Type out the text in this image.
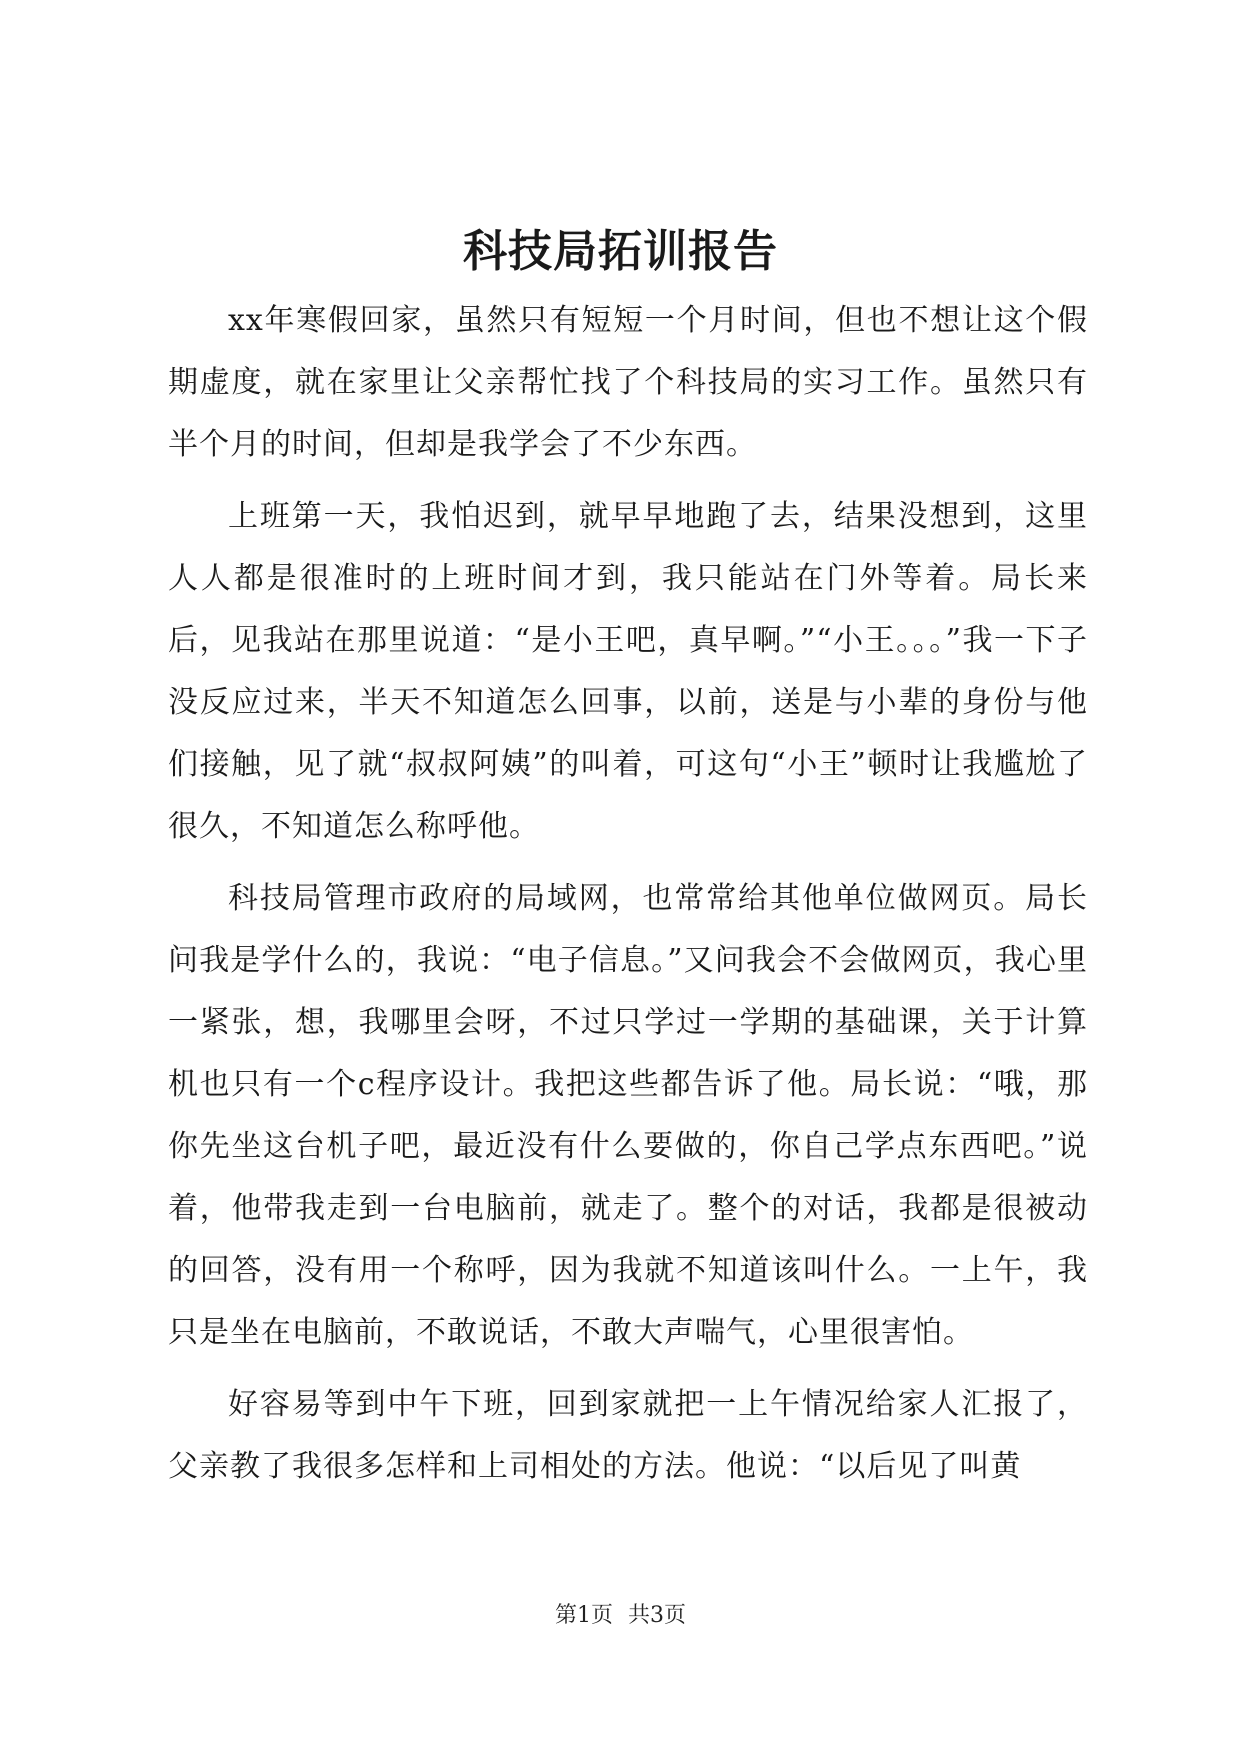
科技局拓训报告

xx年寒假回家，虽然只有短短一个月时间，但也不想让这个假期虚度，就在家里让父亲帮忙找了个科技局的实习工作。虽然只有半个月的时间，但却是我学会了不少东西。

上班第一天，我怕迟到，就早早地跑了去，结果没想到，这里人人都是很准时的上班时间才到，我只能站在门外等着。局长来后，见我站在那里说道：“是小王吧，真早啊。”“小王。。。”我一下子没反应过来，半天不知道怎么回事，以前，送是与小辈的身份与他们接触，见了就“叔叔阿姨”的叫着，可这句“小王”顿时让我尴尬了很久，不知道怎么称呼他。

科技局管理市政府的局域网，也常常给其他单位做网页。局长问我是学什么的，我说：“电子信息。”又问我会不会做网页，我心里一紧张，想，我哪里会呀，不过只学过一学期的基础课，关于计算机也只有一个c程序设计。我把这些都告诉了他。局长说：“哦，那你先坐这台机子吧，最近没有什么要做的，你自己学点东西吧。”说着，他带我走到一台电脑前，就走了。整个的对话，我都是很被动的回答，没有用一个称呼，因为我就不知道该叫什么。一上午，我只是坐在电脑前，不敢说话，不敢大声喘气，心里很害怕。

好容易等到中午下班，回到家就把一上午情况给家人汇报了，父亲教了我很多怎样和上司相处的方法。他说：“以后见了叫黄

第1页 共3页
